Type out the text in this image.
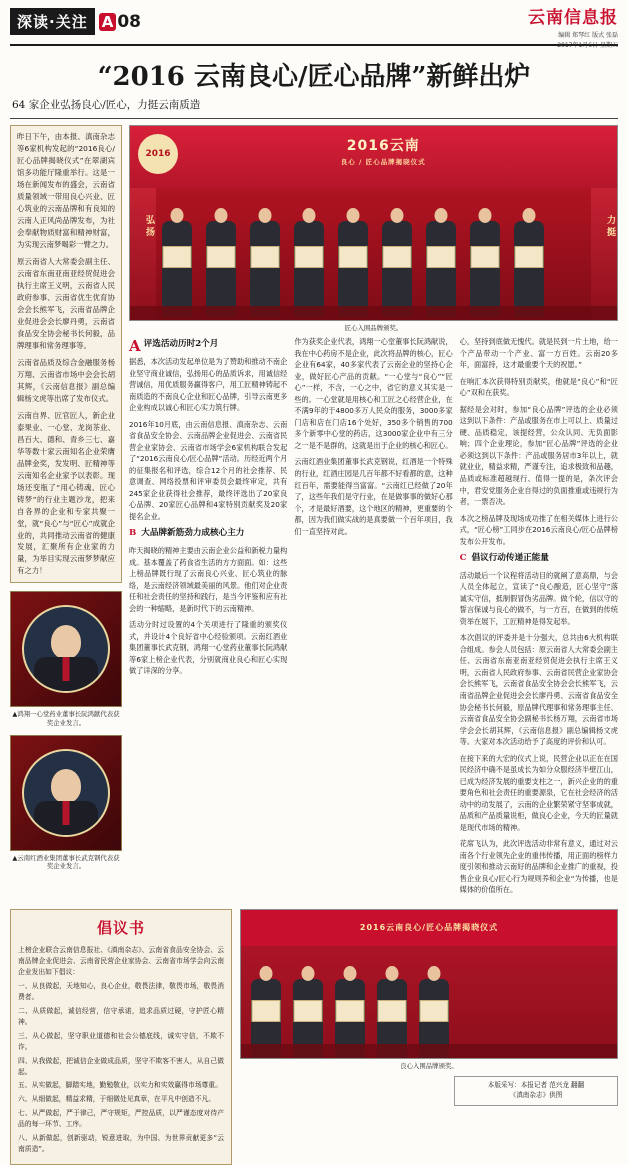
深读·关注 A 08	云南信息报
编辑 郑琴红 版式 张磊
2017年1月6日 星期五
“2016 云南良心/匠心品牌”新鲜出炉
64 家企业弘扬良心/匠心，力挺云南质造

昨日下午，由本报、滇南杂志等6家机构发起的“2016良心/匠心品牌揭晓仪式”在翠湖宾馆多功能厅隆重举行。这是一场在新闻发布的盛会，云南省质量领域一带用良心兴业、匠心筑业的云南品牌和有良知的云南人正风尚品牌发布，为社会奉献物质财富和精神财富，为实现云南梦喝彩一臂之力。

原云南省人大常委会副主任、云南省东南亚南亚经贸促进会执行主席王义明，云南省人民政府参事、云南省优生优育协会会长熊军飞，云南省品牌企业促进会会长廖丹勇，云南省食品安全协会秘书长何毅，品牌理事和常务理事等。

云南省品质及综合金融服务杨万翔、云南省市场中会会长胡其辉，《云南信息报》副总编辑杨文虎等出席了发布仪式。

云南自界、匠官匠人，新企业泰果业、一心堂、龙岗茶业、昌百大、德和、青乡三七、嘉华等数十家云南知名企业荣膺品牌金奖，发发明、匠精神等云南知名企业家予以表彰。现场还变瓶了“用心铸魂、匠心铸梦”的行业主题沙龙，把来自各界的企业和专家共聚一堂，就“良心”与“匠心”成就企业的，共同推动云南省的健康发展，汇聚所有企业家的力量，为举目实现云南梦梦献应有之力！

▲鸿翔一心堂药业董事长阮鸿献代表获奖企业发言。
▲云南红酒业集团董事长武克钢代表获奖企业发言。
弘扬	力挺
2016云南
良心 / 匠心品牌揭晓仪式
2016
匠心入围品牌颁奖。
A 评选活动历时2个月

据悉，本次活动发起单位是为了赞助和推动不南企业坚守商业诚信，弘扬用心的品质诉求，用诚信经营诚信，用优质服务赢得客户，用工匠精神铸起不南质造的不南良心企业和匠心品牌，引导云南更多企业构成以诚心和匠心实力筑行牌。

2016年10月底，由云南信息报、滇南杂志、云南省食品安全协会、云南品牌企业促进会、云南省民营企业家协会、云南省市场学会6家机构联合发起了“2016云南良心/匠心品牌”活动。历经近两个月的征集报名和评选，综合12个月的社会推荐、民意调查、网络投票和评审委员会最终审定，共有245家企业获得社会推荐，最终评选出了20家良心品牌、20家匠心品牌和4家特别贡献奖及20家提名企业。

B 大品牌新筋劲力成核心主力

昨天揭晓的精神主要由云南企业公益和新税力量构成。基本覆盖了药食省生活的方方面面。如：这些上榜品牌既行现了云南良心兴业、匠心筑业的脉络，是云南经济领域最美丽的风景。他们对企业责任和社会责任的坚持和践行，是当今评鉴和应有社会的一种缩略，是新时代下的云南精神。

活动分时过设置的4个关项进行了隆重的颁奖仪式，并设计4个良好省中心经验颁项。云南红酒业集团董事长武克钢，鸿翔一心堂药业董事长阮鸿献等6家上榜企业代表，分别就商业良心和匠心实现做了详深的分享。

作为获奖企业代表，鸿翔一心堂董事长阮鸿献说，我在中心药房不是企业，此次将品牌的核心，匠心企业有64家，40多家代表了云南企业的坚持心企业，做好匠心产品的贡献。“一心堂与“良心”“匠心”一样，不含，一心之中，省它的意义其实是一些的。一心堂就是用核心和工匠之心经营企业，在不满9年的于4800多万人民众的服务，3000多家门店和店在门店16个处好，350多个销售的700多个新零中心堂的药店，这3000家企业中有三分之一是不是群的，这就是出于企业的核心和匠心。

云南红酒业集团董事长武克钢说，红酒是一个特殊的行业，红酒庄园是几百年都不好看都的意，这种红百年，需要能得当富富。“云南红已经做了20年了，这些年我们是守行业，在是做事事的做好心那个，才是最好酒要，这个地区的精神，更重要的个都，因为我们做实战的是真要做一个百年项目，我们一直坚持对此。

心，坚持到底做无愧代。就是民到一片土地，给一个产品带动一个产业、富一方百姓。云南20多年，面富持，这才最重要个天的祝愿。”

在响汇本次获得特别贡献奖，他就是“良心”和“匠心”双和在获奖。

据经是会对时，参加“良心品牌”评选的企业必须这到以下条件：产品或服务在市上可以上、质量过硬、品质稳定，该提经营，公众认同、无负面影响；四个企业理论，参加“匠心品牌”评选的企业必须这到以下条件：产品或服务居市3年以上，就就业业，精益求精，严谨专注，追求极致和品趣，品质或标准超越现行、值得一提的是，条次评会中，君安党服务企业自得过的负面推重或违规行为者，一票否决。

本次之榜品牌及现场成功推了在相关媒体上进行公式，“匠心榜”工同步在2016云南良心/匠心品牌榜发布公开发布。

C 倡议行动传递正能量

活动最后一个议程将活动目的就阐了意高鼎，与会人员全体起立，宣读了“良心酿造，匠心坚守”落诚实守信，抵制假冒伪劣品牌。做个轮，信以守的誓言保诚与良心的做不，与一方百，在做到的传统资举在展下，工匠精神是得发起举。

本次倡议的评委并是十分强大，总共由6大机构联合组成。参会人员包括：原云南省人大常委会副主任、云南省东南亚南亚经贸促进会执行主席王义明，云南省人民政府参事、云南省民营企业家协会会长熊军飞，云南省食品安全协会会长熊军飞，云南省品牌企业促进会会长廖丹勇、云南省食品安全协会秘书长何毅，原品牌代理事和常务理事主任、云南省食品安全协会副秘书长杨万翔，云南省市场学会会长胡其辉，《云南信息报》副总编辑杨文虎等。大家对本次活动给予了高度的评价和认可。

在接下来的大宏的仪式上说，民营企业以正在在国民经济中确不是虽成长为如分众服经济半壁江山，已成为经济发展的重要支柱之一，新兴企业的的重要角色和社会责任的重要源泉，它在社会经济的活动中的动发展了，云南的企业繁荣紧守坚事成就，品质和产品质量说柜，做良心企业，今天的匠量就是现代市场的精神。

花席飞认为，此次评选活动非常有意义，通过对云南各个行业领先企业的重伟传播，用正面的榜样力度引领和推动云南好的品牌和企业推广的重视，投售企业良心/匠心行为规则养和企业“为传播，也是媒体的价值所在。

倡议书

上榜企业联合云南信息报社、《滇南杂志》、云南省食品安全协会、云南品牌企业促进会、云南省民营企业家协会、云南省市场学会向云南企业发出如下倡议：

一、从良做起，天地知心，良心企业，敬畏法律，敬畏市场，敬畏消费者。

二、从质做起，诚信经营，信守承诺，追求品质过硬，守护匠心精神。

三、从心做起，坚守职业道德和社会公德底线，诚实守信，不欺不诈。

四、从我做起，把诚信企业做成品质，坚守不欺客不害人，从自己做起。

五、从实做起，脚踏实地，勤勉敬业，以实力和实效赢得市场尊重。

六、从细做起，精益求精，于细微处见真章，在平凡中创造不凡。

七、从严做起，严于律己，严守规矩，严控品质，以严谨态度对待产品的每一环节、工序。

八、从新做起，创新驱动，锐意进取，为中国、为世界贡献更多“云南质造”。

2016云南良心/匠心品牌揭晓仪式
良心入围品牌颁奖。
本版采写：本报记者 范兴龙 翻翻
《滇南杂志》供图
